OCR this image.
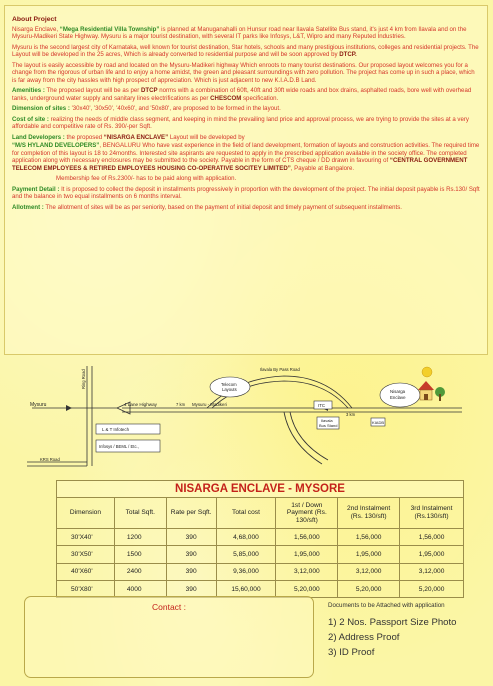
About Project

Nisarga Enclave, “Mega Residential Villa Township” is planned at Manuganahalli on Hunsur road near Ilavala Satellite Bus stand, it's just 4 km from Ilavala and on the Mysuru-Madikeri State Highway. Mysuru is a major tourist destination, with several IT parks like Infosys, L&T, Wipro and many Reputed Industries.

Mysuru is the second largest city of Karnataka, well known for tourist destination, Star hotels, schools and many prestigious institutions, colleges and residential projects. The Layout will be developed in the 25 acres, Which is already converted to residential purpose and will be soon approved by DTCP.

The layout is easily accessible by road and located on the Mysuru-Madikeri highway Which enroots to many tourist destinations. Our proposed layout welcomes you for a change from the rigorous of urban life and to enjoy a home amidst, the green and pleasant surroundings with zero pollution. The project has come up in such a place, which is far away from the city hassles with high prospect of appreciation. Which is just adjacent to new K.I.A.D.B Land.

Amenities : The proposed layout will be as per DTCP norms with a combination of 60ft, 40ft and 30ft wide roads and box drains, asphalted roads, bore well with overhead tanks, underground water supply and sanitary lines electrifications as per CHESCOM specification.

Dimension of sites : '30x40', '30x50', '40x60', and '50x80', are proposed to be formed in the layout.

Cost of site : realizing the needs of middle class segment, and keeping in mind the prevailing land price and approval process, we are trying to provide the sites at a very affordable and competitive rate of Rs. 390/-per Sqft.

Land Developers : the proposed “NISARGA ENCLAVE” Layout will be developed by

“M/S HYLAND DEVELOPERS”, BENGALURU Who have vast experience in the field of land development, formation of layouts and construction activities. The required time for completion of this layout is 18 to 24months. Interested site aspirants are requested to apply in the prescribed application available in the society office. The completed application along with necessary enclosures may be submitted to the society. Payable in the form of CTS cheque / DD drawn in favouring of “CENTRAL GOVERNMENT TELECOM EMPLOYEES & RETIRED EMPLOYEES HOUSING CO-OPERATIVE SOCITEY LIMITED”, Payable at Bangalore.

Membership fee of Rs.2300/- has to be paid along with application.

Payment Detail : It is proposed to collect the deposit in installments progressively in proportion with the development of the project. The initial deposit payable is Rs.130/ Sqft and the balance in two equal installments on 6 months interval.

Allotment : The allotment of sites will be as per seniority, based on the payment of initial deposit and timely payment of subsequent installments.

Mysuru	4 Lane Highway
Ring Road
L & T Infotech
Infosys / BEML / Etc.,
KRS Road
7 km Mysuru - Madikeri
Ilavala By Pass Road
Telecom
Layouts
ITC
Ilavala
Bus Stand
3 km
KIADB
Nisarga
Enclave
NISARGA ENCLAVE - MYSORE
Dimension	Total Sqft.	Rate per Sqft.	Total cost	1st / Down Payment (Rs. 130/sft)	2nd Instalment (Rs. 130/sft)	3rd Instalment (Rs.130/sft)
30'X40'	1200	390	4,68,000	1,56,000	1,56,000	1,56,000
30'X50'	1500	390	5,85,000	1,95,000	1,95,000	1,95,000
40'X60'	2400	390	9,36,000	3,12,000	3,12,000	3,12,000
50'X80'	4000	390	15,60,000	5,20,000	5,20,000	5,20,000
Contact :	Documents to be Attached with application
1) 2 Nos. Passport Size Photo
2) Address Proof
3) ID Proof
